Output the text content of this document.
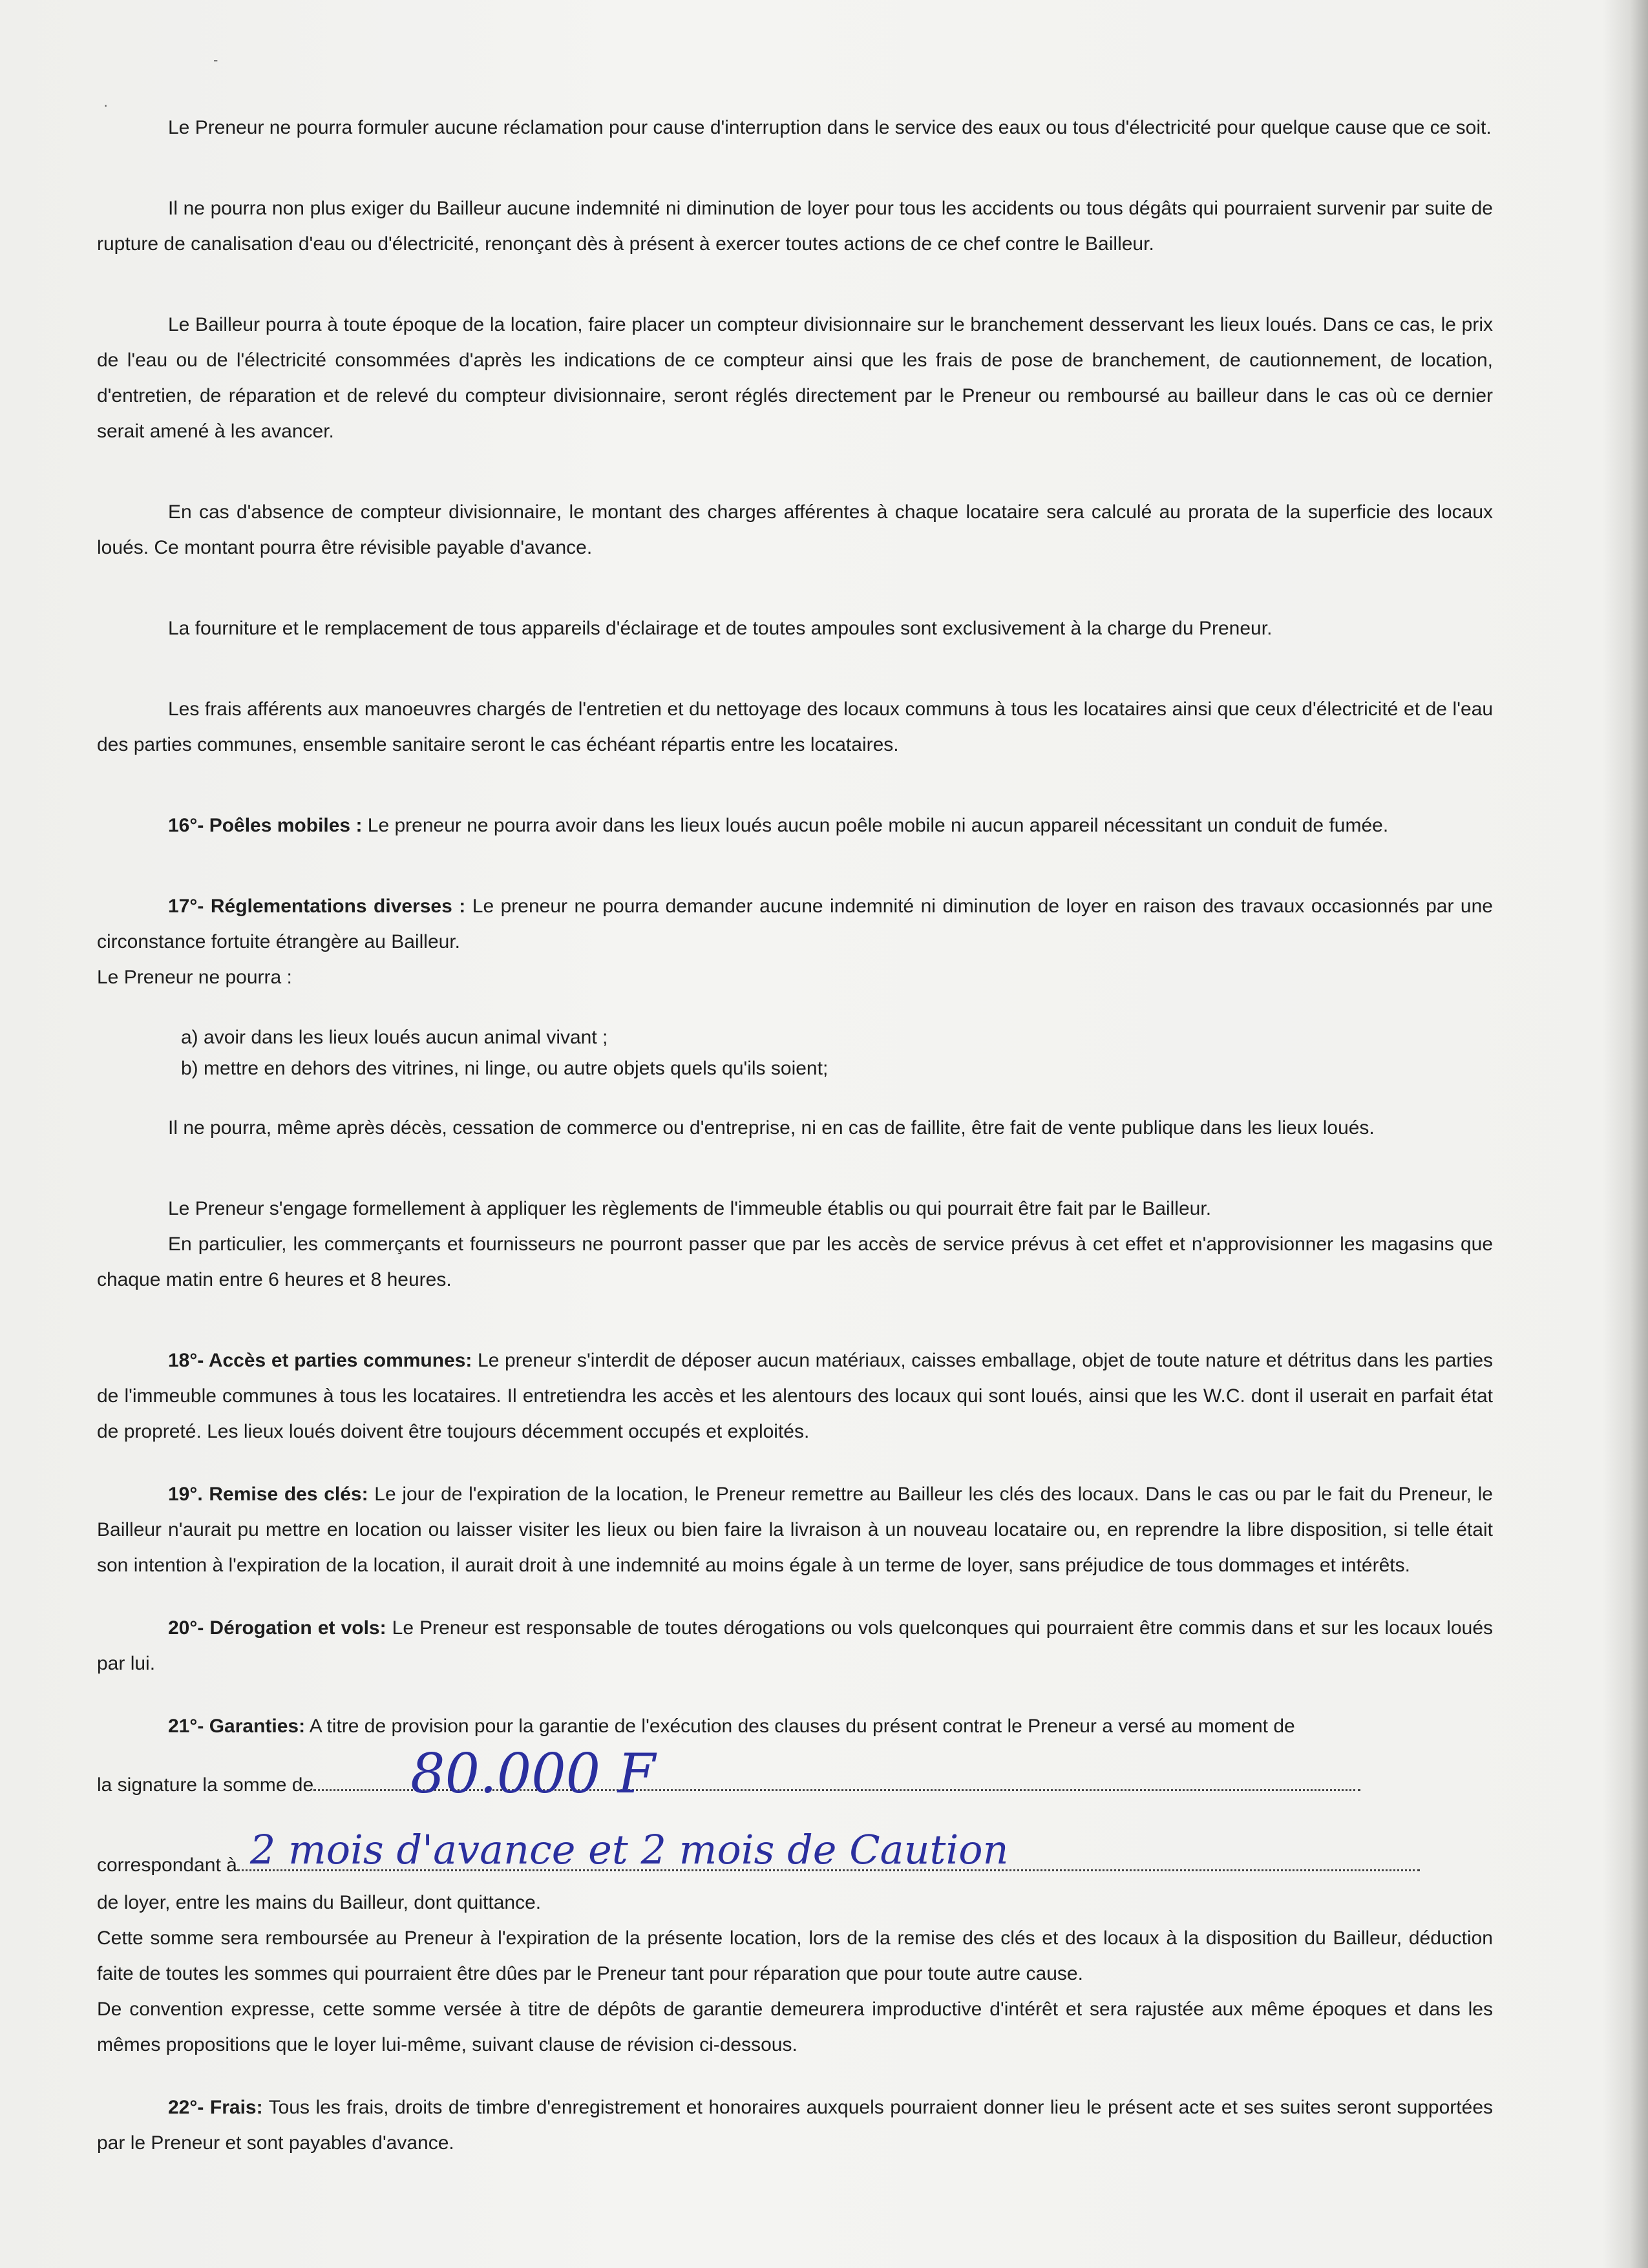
·
-

Le Preneur ne pourra formuler aucune réclamation pour cause d'interruption dans le service des eaux ou tous d'électricité pour quelque cause que ce soit.

Il ne pourra non plus exiger du Bailleur aucune indemnité ni diminution de loyer pour tous les accidents ou tous dégâts qui pourraient survenir par suite de rupture de canalisation d'eau ou d'électricité, renonçant dès à présent à exercer toutes actions de ce chef contre le Bailleur.

Le Bailleur pourra à toute époque de la location, faire placer un compteur divisionnaire sur le branchement desservant les lieux loués. Dans ce cas, le prix de l'eau ou de l'électricité consommées d'après les indications de ce compteur ainsi que les frais de pose de branchement, de cautionnement, de location, d'entretien, de réparation et de relevé du compteur divisionnaire, seront réglés directement par le Preneur ou remboursé au bailleur dans le cas où ce dernier serait amené à les avancer.

En cas d'absence de compteur divisionnaire, le montant des charges afférentes à chaque locataire sera calculé au prorata de la superficie des locaux loués. Ce montant pourra être révisible payable d'avance.

La fourniture et le remplacement de tous appareils d'éclairage et de toutes ampoules sont exclusivement à la charge du Preneur.

Les frais afférents aux manoeuvres chargés de l'entretien et du nettoyage des locaux communs à tous les locataires ainsi que ceux d'électricité et de l'eau des parties communes, ensemble sanitaire seront le cas échéant répartis entre les locataires.

16°- Poêles mobiles : Le preneur ne pourra avoir dans les lieux loués aucun poêle mobile ni aucun appareil nécessitant un conduit de fumée.

17°- Réglementations diverses : Le preneur ne pourra demander aucune indemnité ni diminution de loyer en raison des travaux occasionnés par une circonstance fortuite étrangère au Bailleur.

Le Preneur ne pourra :

a) avoir dans les lieux loués aucun animal vivant ;
b) mettre en dehors des vitrines, ni linge, ou autre objets quels qu'ils soient;

Il ne pourra, même après décès, cessation de commerce ou d'entreprise, ni en cas de faillite, être fait de vente publique dans les lieux loués.

Le Preneur s'engage formellement à appliquer les règlements de l'immeuble établis ou qui pourrait être fait par le Bailleur.

En particulier, les commerçants et fournisseurs ne pourront passer que par les accès de service prévus à cet effet et n'approvisionner les magasins que chaque matin entre 6 heures et 8 heures.

18°- Accès et parties communes: Le preneur s'interdit de déposer aucun matériaux, caisses emballage, objet de toute nature et détritus dans les parties de l'immeuble communes à tous les locataires. Il entretiendra les accès et les alentours des locaux qui sont loués, ainsi que les W.C. dont il userait en parfait état de propreté. Les lieux loués doivent être toujours décemment occupés et exploités.

19°. Remise des clés: Le jour de l'expiration de la location, le Preneur remettre au Bailleur les clés des locaux. Dans le cas ou par le fait du Preneur, le Bailleur n'aurait pu mettre en location ou laisser visiter les lieux ou bien faire la livraison à un nouveau locataire ou, en reprendre la libre disposition, si telle était son intention à l'expiration de la location, il aurait droit à une indemnité au moins égale à un terme de loyer, sans préjudice de tous dommages et intérêts.

20°- Dérogation et vols: Le Preneur est responsable de toutes dérogations ou vols quelconques qui pourraient être commis dans et sur les locaux loués par lui.

21°- Garanties: A titre de provision pour la garantie de l'exécution des clauses du présent contrat le Preneur a versé au moment de

la signature la somme de 80.000 F
correspondant à 2 mois d'avance et 2 mois de Caution

de loyer, entre les mains du Bailleur, dont quittance.

Cette somme sera remboursée au Preneur à l'expiration de la présente location, lors de la remise des clés et des locaux à la disposition du Bailleur, déduction faite de toutes les sommes qui pourraient être dûes par le Preneur tant pour réparation que pour toute autre cause.

De convention expresse, cette somme versée à titre de dépôts de garantie demeurera improductive d'intérêt et sera rajustée aux même époques et dans les mêmes propositions que le loyer lui-même, suivant clause de révision ci-dessous.

22°- Frais: Tous les frais, droits de timbre d'enregistrement et honoraires auxquels pourraient donner lieu le présent acte et ses suites seront supportées par le Preneur et sont payables d'avance.
